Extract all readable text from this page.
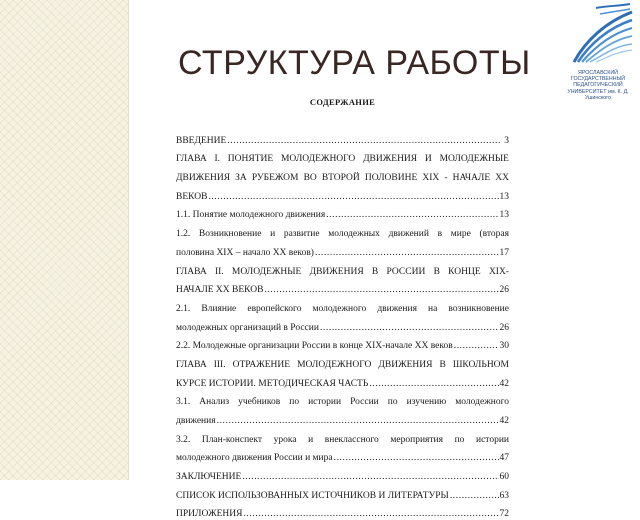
СТРУКТУРА РАБОТЫ	ЯРОСЛАВСКИЙ ГОСУДАРСТВЕННЫЙ ПЕДАГОГИЧЕСКИЙ УНИВЕРСИТЕТ им. К. Д. Ушинского
СОДЕРЖАНИЕ
ВВЕДЕНИЕ .....	3
ГЛАВА I. ПОНЯТИЕ МОЛОДЕЖНОГО ДВИЖЕНИЯ И МОЛОДЕЖНЫЕ
ДВИЖЕНИЯ ЗА РУБЕЖОМ ВО ВТОРОЙ ПОЛОВИНЕ XIX - НАЧАЛЕ XX
ВЕКОВ .....	13
1.1. Понятие молодежного движения .....	13
1.2. Возникновение и развитие молодежных движений в мире (вторая
половина XIX – начало XX веков) .....	17
ГЛАВА II. МОЛОДЕЖНЫЕ ДВИЖЕНИЯ В РОССИИ В КОНЦЕ XIX-
НАЧАЛЕ XX ВЕКОВ .....	26
2.1. Влияние европейского молодежного движения на возникновение
молодежных организаций в России .....	26
2.2. Молодежные организации России в конце XIX-начале XX веков .....	30
ГЛАВА III. ОТРАЖЕНИЕ МОЛОДЕЖНОГО ДВИЖЕНИЯ В ШКОЛЬНОМ
КУРСЕ ИСТОРИИ. МЕТОДИЧЕСКАЯ ЧАСТЬ .....	42
3.1. Анализ учебников по истории России по изучению молодежного
движения .....	42
3.2. План-конспект урока и внеклассного мероприятия по истории
молодежного движения России и мира .....	47
ЗАКЛЮЧЕНИЕ .....	60
СПИСОК ИСПОЛЬЗОВАННЫХ ИСТОЧНИКОВ И ЛИТЕРАТУРЫ .....	63
ПРИЛОЖЕНИЯ .....	72
